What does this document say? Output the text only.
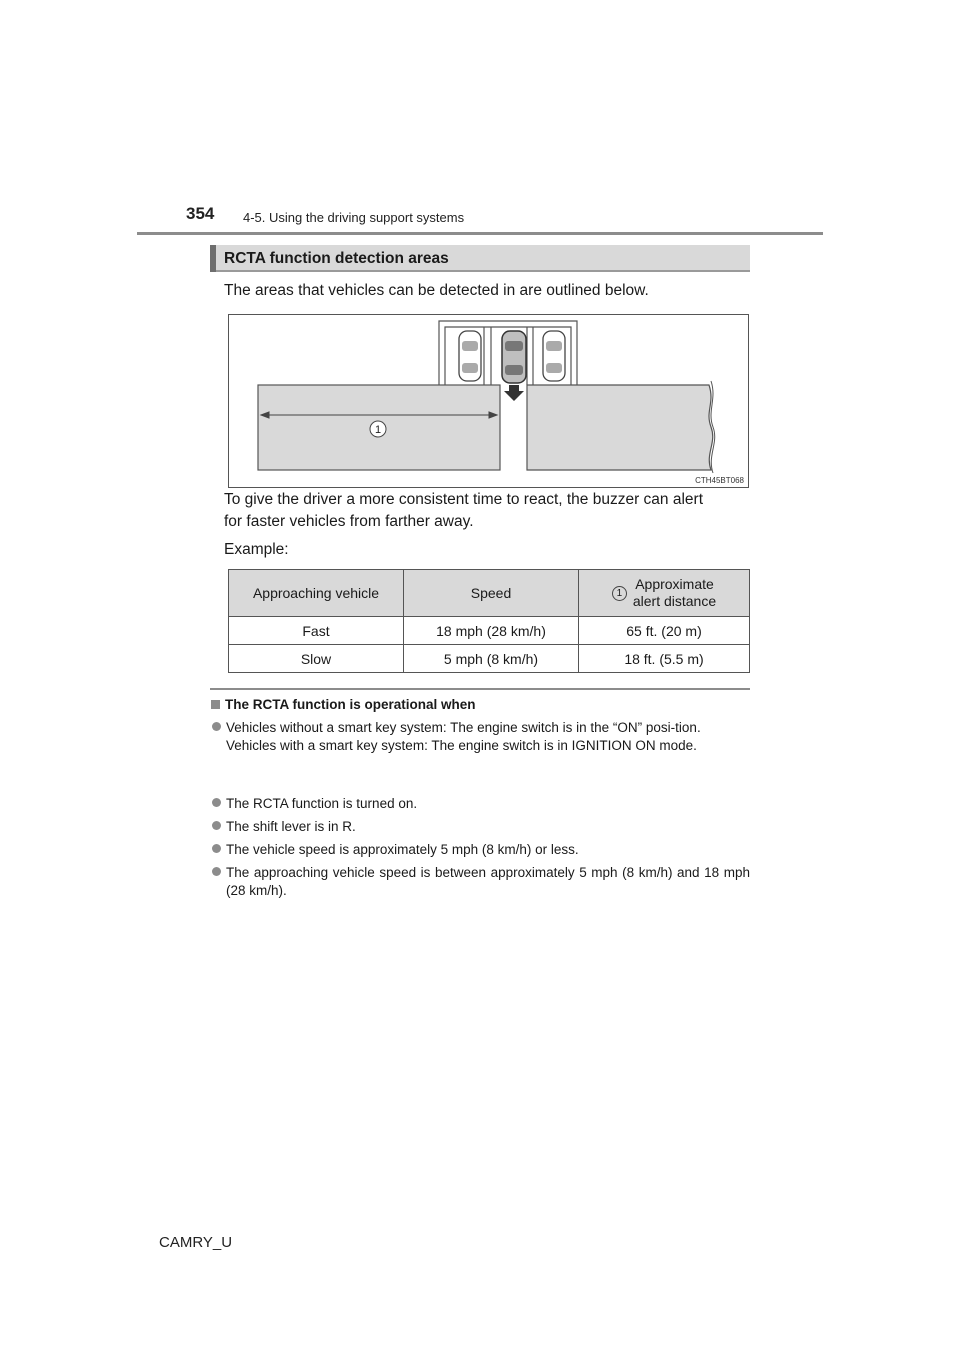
354 4-5. Using the driving support systems
RCTA function detection areas
The areas that vehicles can be detected in are outlined below.
1
CTH45BT068
To give the driver a more consistent time to react, the buzzer can alert
for faster vehicles from farther away.
Example:
Approaching vehicle	Speed	1
Approximate
alert distance

Fast	18 mph (28 km/h)	65 ft. (20 m)
Slow	5 mph (8 km/h)	18 ft. (5.5 m)
The RCTA function is operational when
Vehicles without a smart key system: The engine switch is in the “ON” posi-tion.
Vehicles with a smart key system: The engine switch is in IGNITION ON mode.
The RCTA function is turned on.
The shift lever is in R.
The vehicle speed is approximately 5 mph (8 km/h) or less.
The approaching vehicle speed is between approximately 5 mph (8 km/h) and 18 mph (28 km/h).
CAMRY_U
